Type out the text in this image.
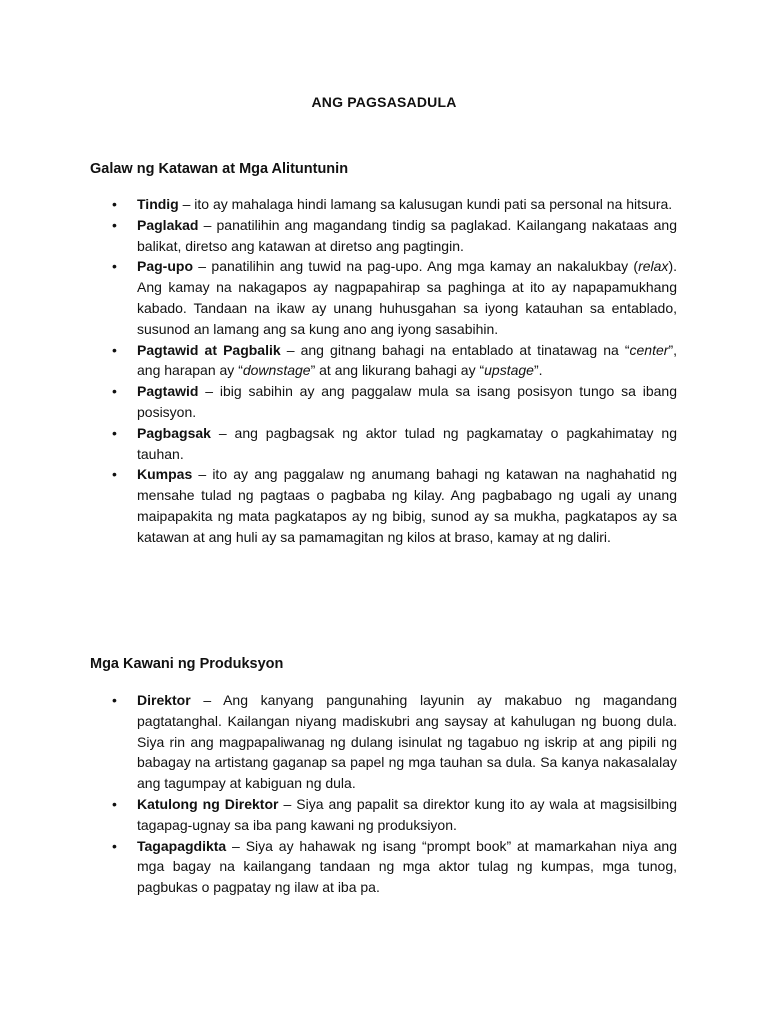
ANG PAGSASADULA
Galaw ng Katawan at Mga Alituntunin
• Tindig – ito ay mahalaga hindi lamang sa kalusugan kundi pati sa personal na hitsura.
• Paglakad – panatilihin ang magandang tindig sa paglakad. Kailangang nakataas ang balikat, diretso ang katawan at diretso ang pagtingin.
• Pag-upo – panatilihin ang tuwid na pag-upo. Ang mga kamay an nakalukbay (relax). Ang kamay na nakagapos ay nagpapahirap sa paghinga at ito ay napapamukhang kabado. Tandaan na ikaw ay unang huhusgahan sa iyong katauhan sa entablado, susunod an lamang ang sa kung ano ang iyong sasabihin.
• Pagtawid at Pagbalik – ang gitnang bahagi na entablado at tinatawag na “center”, ang harapan ay “downstage” at ang likurang bahagi ay “upstage”.
• Pagtawid – ibig sabihin ay ang paggalaw mula sa isang posisyon tungo sa ibang posisyon.
• Pagbagsak – ang pagbagsak ng aktor tulad ng pagkamatay o pagkahimatay ng tauhan.
• Kumpas – ito ay ang paggalaw ng anumang bahagi ng katawan na naghahatid ng mensahe tulad ng pagtaas o pagbaba ng kilay. Ang pagbabago ng ugali ay unang maipapakita ng mata pagkatapos ay ng bibig, sunod ay sa mukha, pagkatapos ay sa katawan at ang huli ay sa pamamagitan ng kilos at braso, kamay at ng daliri.
Mga Kawani ng Produksyon
• Direktor – Ang kanyang pangunahing layunin ay makabuo ng magandang pagtatanghal. Kailangan niyang madiskubri ang saysay at kahulugan ng buong dula. Siya rin ang magpapaliwanag ng dulang isinulat ng tagabuo ng iskrip at ang pipili ng babagay na artistang gaganap sa papel ng mga tauhan sa dula. Sa kanya nakasalalay ang tagumpay at kabiguan ng dula.
• Katulong ng Direktor – Siya ang papalit sa direktor kung ito ay wala at magsisilbing tagapag-ugnay sa iba pang kawani ng produksiyon.
• Tagapagdikta – Siya ay hahawak ng isang “prompt book” at mamarkahan niya ang mga bagay na kailangang tandaan ng mga aktor tulag ng kumpas, mga tunog, pagbukas o pagpatay ng ilaw at iba pa.
